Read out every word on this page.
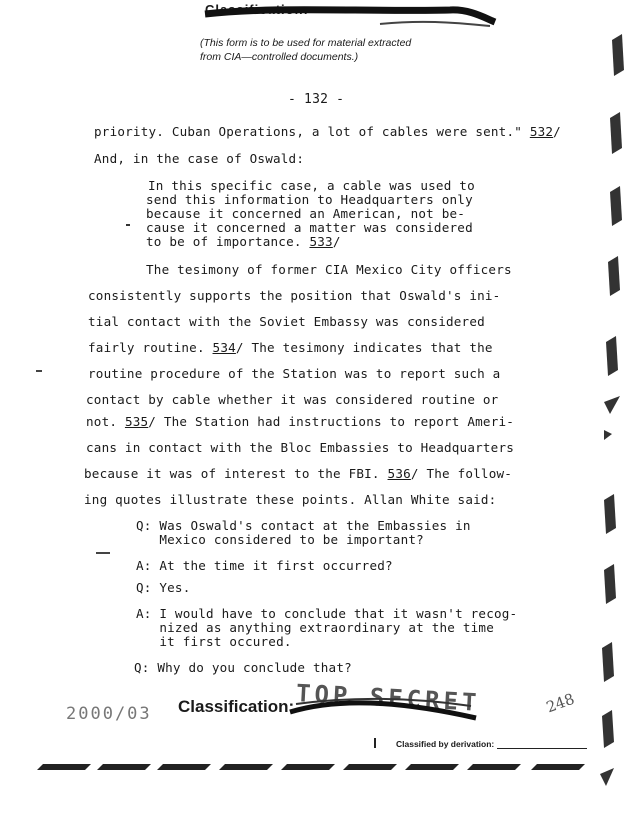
Classification:
(This form is to be used for material extracted
from CIA—controlled documents.)
- 132 -
priority. Cuban Operations, a lot of cables were sent." 532/
And, in the case of Oswald:
In this specific case, a cable was used to
send this information to Headquarters only
because it concerned an American, not be-
cause it concerned a matter was considered
to be of importance. 533/
The tesimony of former CIA Mexico City officers
consistently supports the position that Oswald's ini-
tial contact with the Soviet Embassy was considered
fairly routine. 534/ The tesimony indicates that the
routine procedure of the Station was to report such a
contact by cable whether it was considered routine or
not. 535/ The Station had instructions to report Ameri-
cans in contact with the Bloc Embassies to Headquarters
because it was of interest to the FBI. 536/ The follow-
ing quotes illustrate these points. Allan White said:
Q: Was Oswald's contact at the Embassies in
Mexico considered to be important?
A: At the time it first occurred?
Q: Yes.
A: I would have to conclude that it wasn't recog-
nized as anything extraordinary at the time
it first occured.
Q: Why do you conclude that?
2000/03 Classification: TOP SECRET	248
Classified by derivation:
